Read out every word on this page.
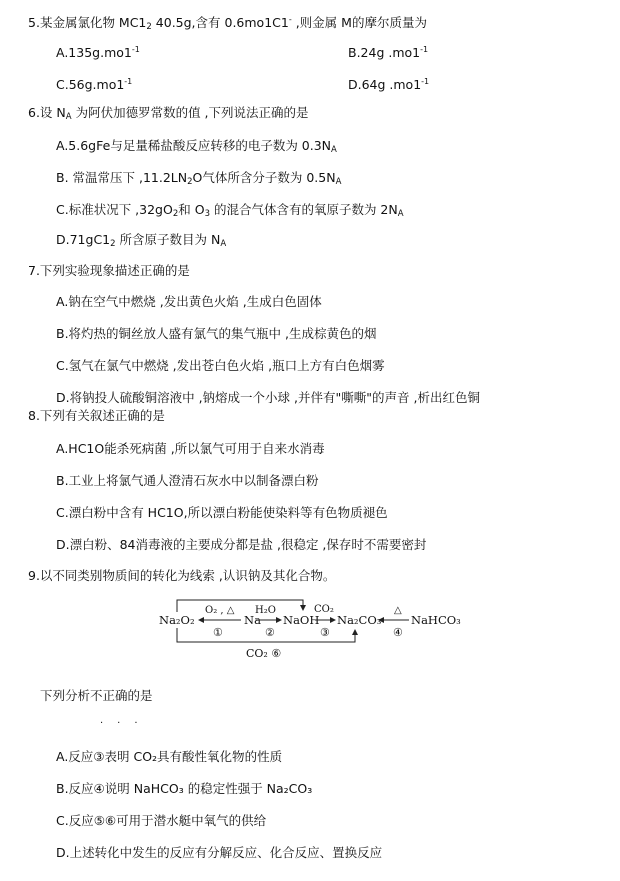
5.某金属氯化物 $MC1_2$ 40.5g,含有 0.6mo1C1- ,则金属 M的摩尔质量为
$A.135g.mo1^{-1}$	B.24g $.mo1^{-1}$
$C.56g.mo1^{-1}$	D.64g $.mo1^{-1}$
6.设 $N_A$ 为阿伏加德罗常数的值 ,下列说法正确的是
A.5.6gFe与足量稀盐酸反应转移的电子数为 $0.3N_A$
B. 常温常压下 $,11.2LN_2O$气体所含分子数为 $0.5N_A$
C.标准状况下 $,32gO_2$和 $O_3$ 的混合气体含有的氧原子数为 $2N_A$
$D.71gC1_2$ 所含原子数目为 $N_A$
7.下列实验现象描述正确的是
A.钠在空气中燃烧 ,发出黄色火焰 ,生成白色固体
B.将灼热的铜丝放人盛有氯气的集气瓶中 ,生成棕黄色的烟
C.氢气在氯气中燃烧 ,发出苍白色火焰 ,瓶口上方有白色烟雾
D.将钠投人硫酸铜溶液中 ,钠熔成一个小球 ,并伴有"嘶嘶"的声音 ,析出红色铜
8.下列有关叙述正确的是
A.HC1O能杀死病菌 ,所以氯气可用于自来水消毒
B.工业上将氯气通人澄清石灰水中以制备漂白粉
C.漂白粉中含有 HC1O,所以漂白粉能使染料等有色物质褪色
D.漂白粉、84消毒液的主要成分都是盐 ,很稳定 ,保存时不需要密封
9.以不同类别物质间的转化为线索 ,认识钠及其化合物。
Na₂O₂	Na NaOH Na₂CO₃	NaHCO₃
O₂ , △ H₂O	CO₂	△
CO₂ ⑥
①	②	③	④
下列分析不正确的是
···
A.反应③表明 CO₂具有酸性氧化物的性质
B.反应④说明 NaHCO₃ 的稳定性强于 Na₂CO₃
C.反应⑤⑥可用于潜水艇中氧气的供给
D.上述转化中发生的反应有分解反应、化合反应、置换反应
